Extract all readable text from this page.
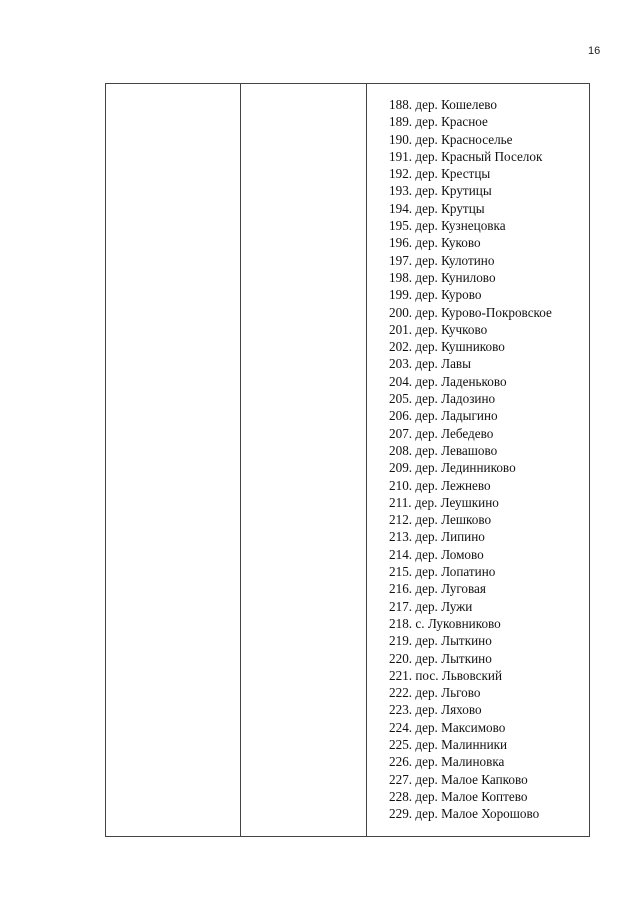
16
188. дер. Кошелево
189. дер. Красное
190. дер. Красноселье
191. дер. Красный Поселок
192. дер. Крестцы
193. дер. Крутицы
194. дер. Крутцы
195. дер. Кузнецовка
196. дер. Куково
197. дер. Кулотино
198. дер. Кунилово
199. дер. Курово
200. дер. Курово-Покровское
201. дер. Кучково
202. дер. Кушниково
203. дер. Лавы
204. дер. Ладеньково
205. дер. Ладозино
206. дер. Ладыгино
207. дер. Лебедево
208. дер. Левашово
209. дер. Лединниково
210. дер. Лежнево
211. дер. Леушкино
212. дер. Лешково
213. дер. Липино
214. дер. Ломово
215. дер. Лопатино
216. дер. Луговая
217. дер. Лужи
218. с. Луковниково
219. дер. Лыткино
220. дер. Лыткино
221. пос. Львовский
222. дер. Льгово
223. дер. Ляхово
224. дер. Максимово
225. дер. Малинники
226. дер. Малиновка
227. дер. Малое Капково
228. дер. Малое Коптево
229. дер. Малое Хорошово
